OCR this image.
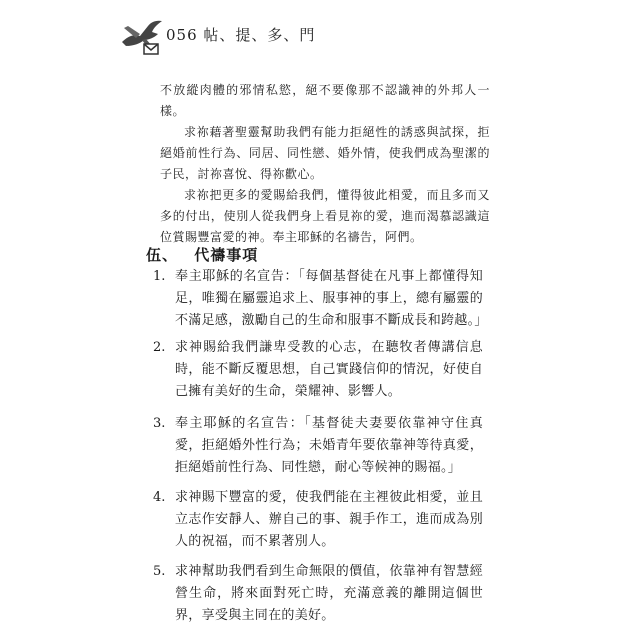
056 帖、提、多、門

不放縱肉體的邪情私慾，絕不要像那不認識神的外邦人一樣。

求祢藉著聖靈幫助我們有能力拒絕性的誘惑與試探，拒絕婚前性行為、同居、同性戀、婚外情，使我們成為聖潔的子民，討祢喜悅、得祢歡心。

求祢把更多的愛賜給我們，懂得彼此相愛，而且多而又多的付出，使別人從我們身上看見祢的愛，進而渴慕認識這位賞賜豐富愛的神。奉主耶穌的名禱告，阿們。

伍、 代禱事項
1. 奉主耶穌的名宣告：「每個基督徒在凡事上都懂得知足，唯獨在屬靈追求上、服事神的事上，總有屬靈的不滿足感，激勵自己的生命和服事不斷成長和跨越。」

2. 求神賜給我們謙卑受教的心志，在聽牧者傳講信息時，能不斷反覆思想，自己實踐信仰的情況，好使自己擁有美好的生命，榮耀神、影響人。

3. 奉主耶穌的名宣告：「基督徒夫妻要依靠神守住真愛，拒絕婚外性行為；未婚青年要依靠神等待真愛，拒絕婚前性行為、同性戀，耐心等候神的賜福。」

4. 求神賜下豐富的愛，使我們能在主裡彼此相愛，並且立志作安靜人、辦自己的事、親手作工，進而成為別人的祝福，而不累著別人。

5. 求神幫助我們看到生命無限的價值，依靠神有智慧經營生命，將來面對死亡時，充滿意義的離開這個世界，享受與主同在的美好。
